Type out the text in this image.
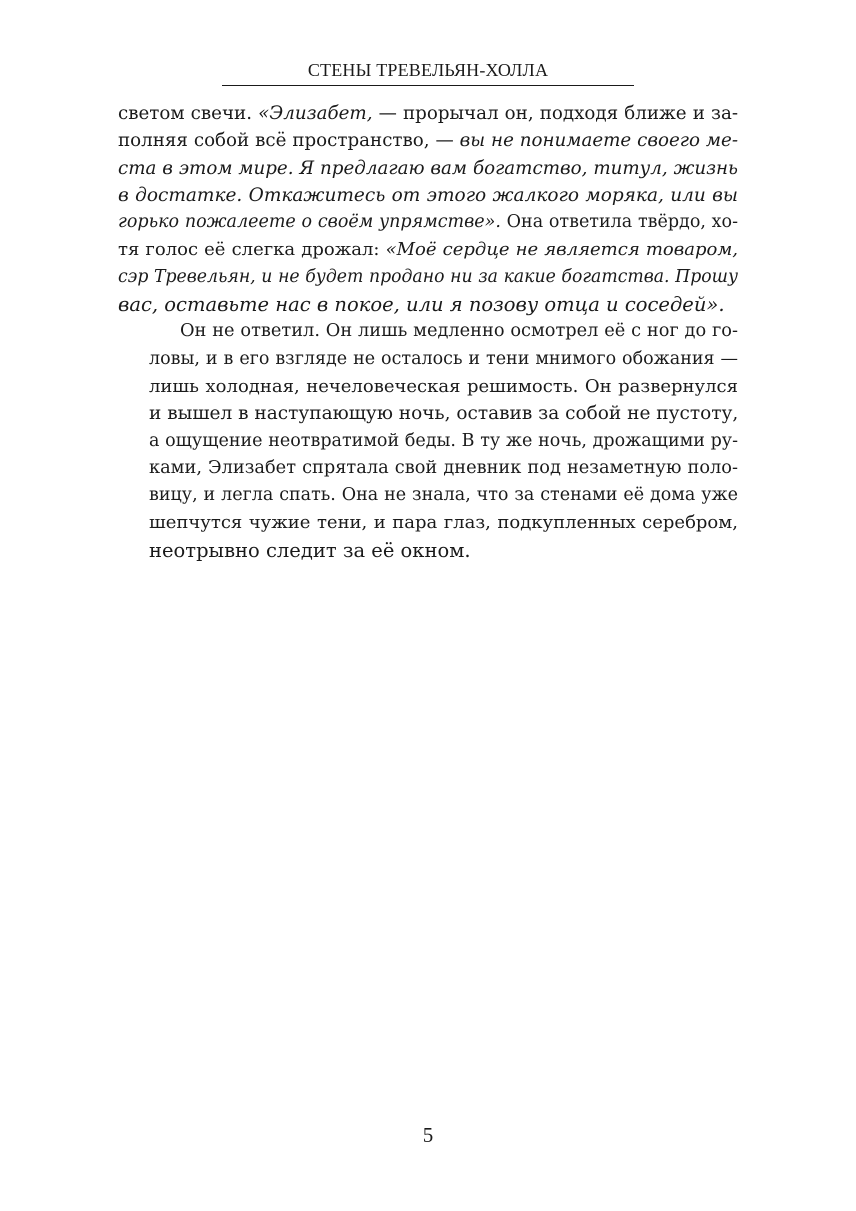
СТЕНЫ ТРЕВЕЛЬЯН-ХОЛЛА

светом свечи. «Элизабет, — прорычал он, подходя ближе и за-
полняя собой всё пространство, — вы не понимаете своего ме-
ста в этом мире. Я предлагаю вам богатство, титул, жизнь
в достатке. Откажитесь от этого жалкого моряка, или вы
горько пожалеете о своём упрямстве». Она ответила твёрдо, хо-
тя голос её слегка дрожал: «Моё сердце не является товаром,
сэр Тревельян, и не будет продано ни за какие богатства. Прошу
вас, оставьте нас в покое, или я позову отца и соседей».

Он не ответил. Он лишь медленно осмотрел её с ног до го-
ловы, и в его взгляде не осталось и тени мнимого обожания —
лишь холодная, нечеловеческая решимость. Он развернулся
и вышел в наступающую ночь, оставив за собой не пустоту,
а ощущение неотвратимой беды. В ту же ночь, дрожащими ру-
ками, Элизабет спрятала свой дневник под незаметную поло-
вицу, и легла спать. Она не знала, что за стенами её дома уже
шепчутся чужие тени, и пара глаз, подкупленных серебром,
неотрывно следит за её окном.

5
